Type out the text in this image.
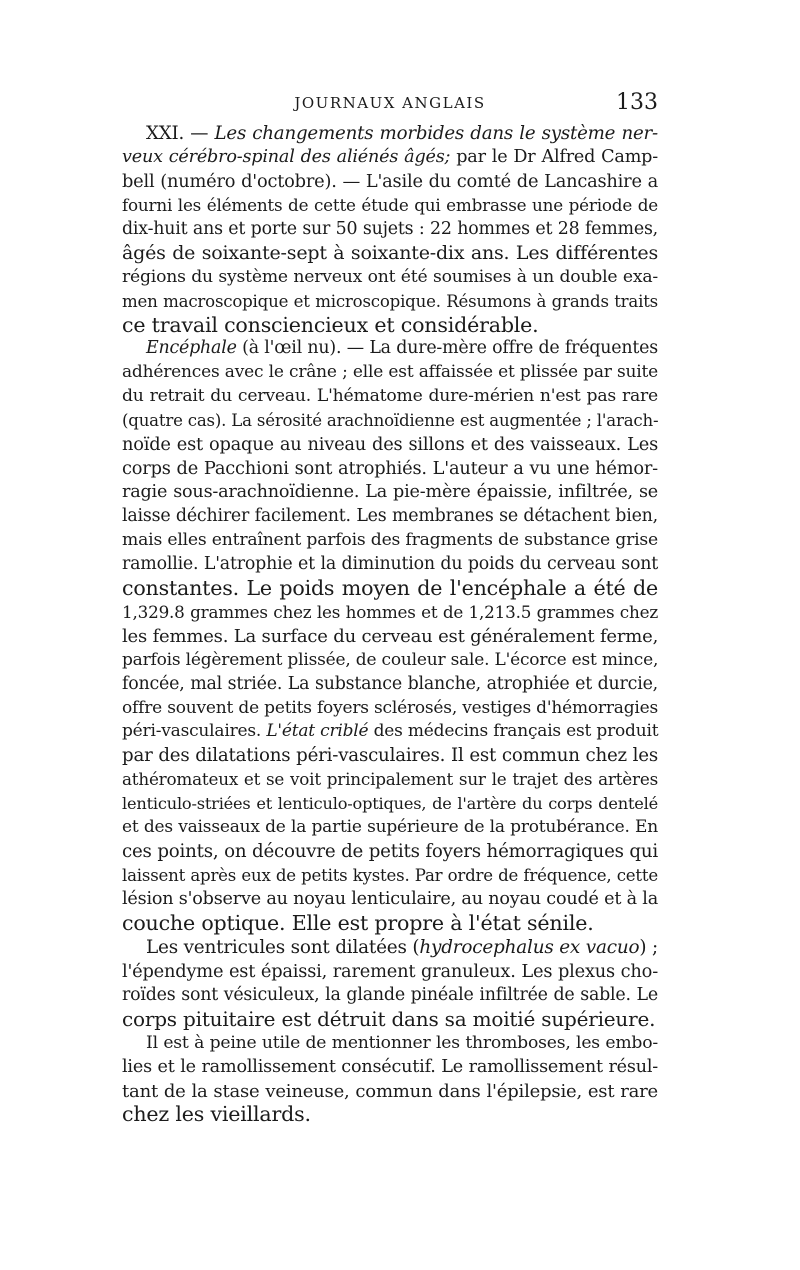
JOURNAUX ANGLAIS	133
XXI. — Les changements morbides dans le système ner-
veux cérébro-spinal des aliénés âgés; par le Dr Alfred Camp-
bell (numéro d'octobre). — L'asile du comté de Lancashire a
fourni les éléments de cette étude qui embrasse une période de
dix-huit ans et porte sur 50 sujets : 22 hommes et 28 femmes,
âgés de soixante-sept à soixante-dix ans. Les différentes
régions du système nerveux ont été soumises à un double exa-
men macroscopique et microscopique. Résumons à grands traits
ce travail consciencieux et considérable.
Encéphale (à l'œil nu). — La dure-mère offre de fréquentes
adhérences avec le crâne ; elle est affaissée et plissée par suite
du retrait du cerveau. L'hématome dure-mérien n'est pas rare
(quatre cas). La sérosité arachnoïdienne est augmentée ; l'arach-
noïde est opaque au niveau des sillons et des vaisseaux. Les
corps de Pacchioni sont atrophiés. L'auteur a vu une hémor-
ragie sous-arachnoïdienne. La pie-mère épaissie, infiltrée, se
laisse déchirer facilement. Les membranes se détachent bien,
mais elles entraînent parfois des fragments de substance grise
ramollie. L'atrophie et la diminution du poids du cerveau sont
constantes. Le poids moyen de l'encéphale a été de
1,329.8 grammes chez les hommes et de 1,213.5 grammes chez
les femmes. La surface du cerveau est généralement ferme,
parfois légèrement plissée, de couleur sale. L'écorce est mince,
foncée, mal striée. La substance blanche, atrophiée et durcie,
offre souvent de petits foyers sclérosés, vestiges d'hémorragies
péri-vasculaires. L'état criblé des médecins français est produit
par des dilatations péri-vasculaires. Il est commun chez les
athéromateux et se voit principalement sur le trajet des artères
lenticulo-striées et lenticulo-optiques, de l'artère du corps dentelé
et des vaisseaux de la partie supérieure de la protubérance. En
ces points, on découvre de petits foyers hémorragiques qui
laissent après eux de petits kystes. Par ordre de fréquence, cette
lésion s'observe au noyau lenticulaire, au noyau coudé et à la
couche optique. Elle est propre à l'état sénile.
Les ventricules sont dilatées (hydrocephalus ex vacuo) ;
l'épendyme est épaissi, rarement granuleux. Les plexus cho-
roïdes sont vésiculeux, la glande pinéale infiltrée de sable. Le
corps pituitaire est détruit dans sa moitié supérieure.
Il est à peine utile de mentionner les thromboses, les embo-
lies et le ramollissement consécutif. Le ramollissement résul-
tant de la stase veineuse, commun dans l'épilepsie, est rare
chez les vieillards.
